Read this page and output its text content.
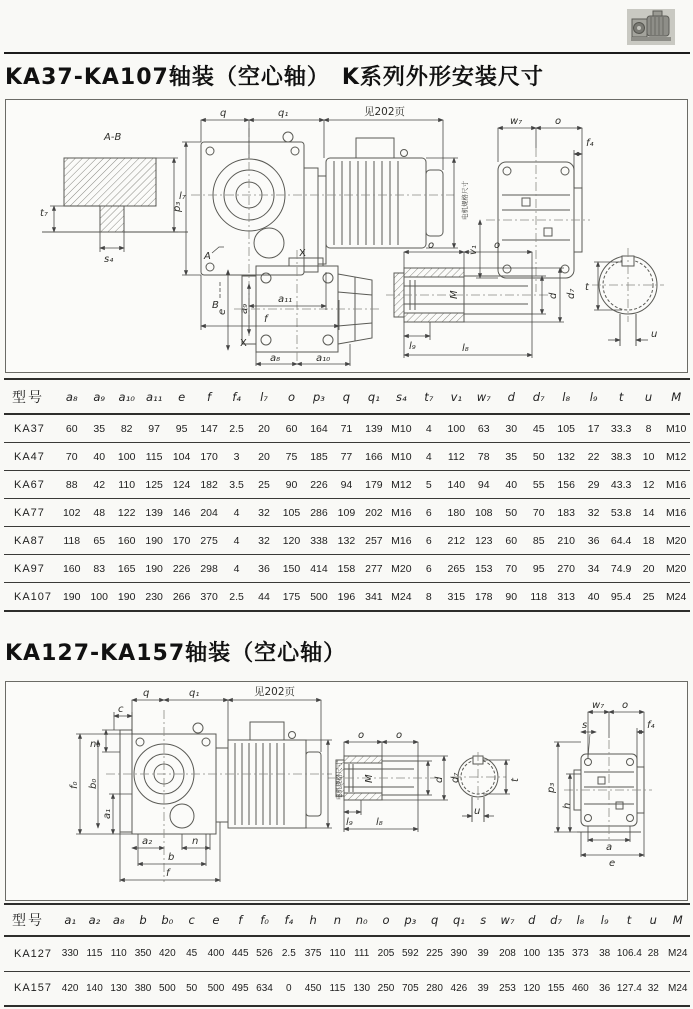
KA37-KA107轴装（空心轴）　K系列外形安装尺寸
A-B
q	q₁	见202页
p₃
A
B
a₁₁
f
X
X
t₇
l₇
s₄
w₇	o
f₄
v₁
e a₉
a₈	a₁₀
o	o
M	d d₇
l₉	l₈
t
u
电机规格尺寸
型号	a₈	a₉	a₁₀	a₁₁	e	f	f₄	l₇	o	p₃	q	q₁	s₄	t₇	v₁	w₇	d	d₇	l₈	l₉	t	u	M
KA37	60	35	82	97	95	147	2.5	20	60	164	71	139	M10	4	100	63	30	45	105	17	33.3	8	M10
KA47	70	40	100	115	104	170	3	20	75	185	77	166	M10	4	112	78	35	50	132	22	38.3	10	M12
KA67	88	42	110	125	124	182	3.5	25	90	226	94	179	M12	5	140	94	40	55	156	29	43.3	12	M16
KA77	102	48	122	139	146	204	4	32	105	286	109	202	M16	6	180	108	50	70	183	32	53.8	14	M16
KA87	118	65	160	190	170	275	4	32	120	338	132	257	M16	6	212	123	60	85	210	36	64.4	18	M20
KA97	160	83	165	190	226	298	4	36	150	414	158	277	M20	6	265	153	70	95	270	34	74.9	20	M20
KA107	190	100	190	230	266	370	2.5	44	175	500	196	341	M24	8	315	178	90	118	313	40	95.4	25	M24
KA127-KA157轴装（空心轴）
q	q₁	见202页
c
n₀
f₀ b₀
a₁
a₂	n
b
f
o	o
M	d d₇
l₉ l₈
t
u
w₇ o
s	f₄
p₃
h
a
e
电机规格尺寸
型号	a₁	a₂	a₈	b	b₀	c	e	f	f₀	f₄	h	n	n₀	o	p₃	q	q₁	s	w₇	d	d₇	l₈	l₉	t	u	M
KA127	330	115	110	350	420	45	400	445	526	2.5	375	110	111	205	592	225	390	39	208	100	135	373	38	106.4	28	M24
KA157	420	140	130	380	500	50	500	495	634	0	450	115	130	250	705	280	426	39	253	120	155	460	36	127.4	32	M24
